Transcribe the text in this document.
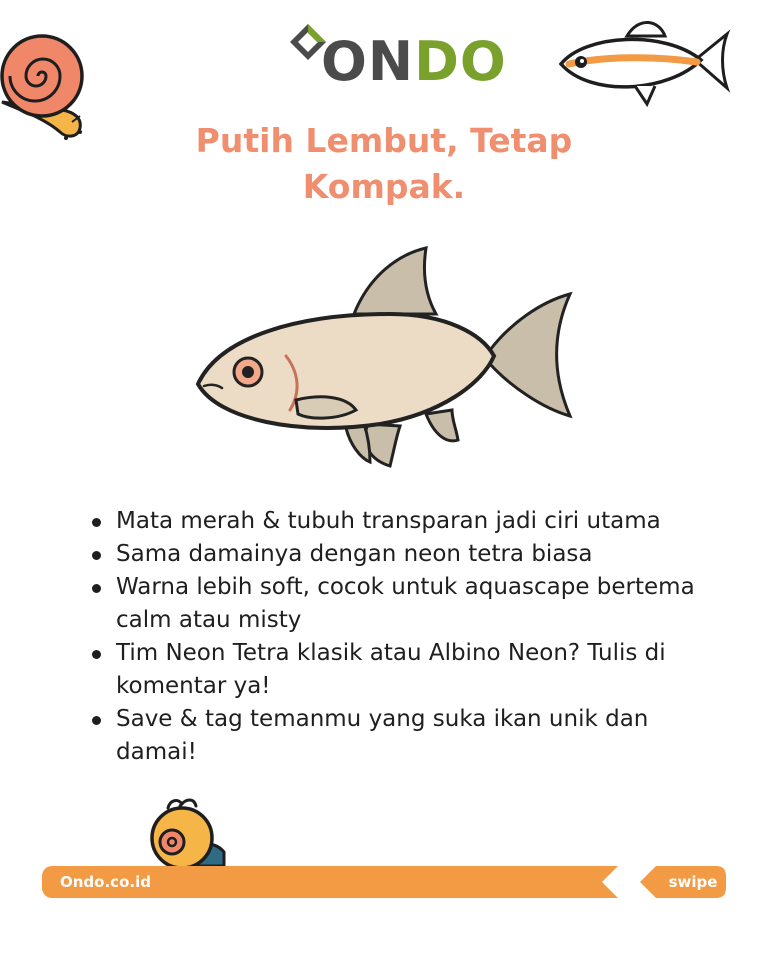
ONDO
Putih Lembut, Tetap
Kompak.
Mata merah & tubuh transparan jadi ciri utama
Sama damainya dengan neon tetra biasa
Warna lebih soft, cocok untuk aquascape bertema calm atau misty
Tim Neon Tetra klasik atau Albino Neon? Tulis di komentar ya!
Save & tag temanmu yang suka ikan unik dan damai!
Ondo.co.id	swipe
